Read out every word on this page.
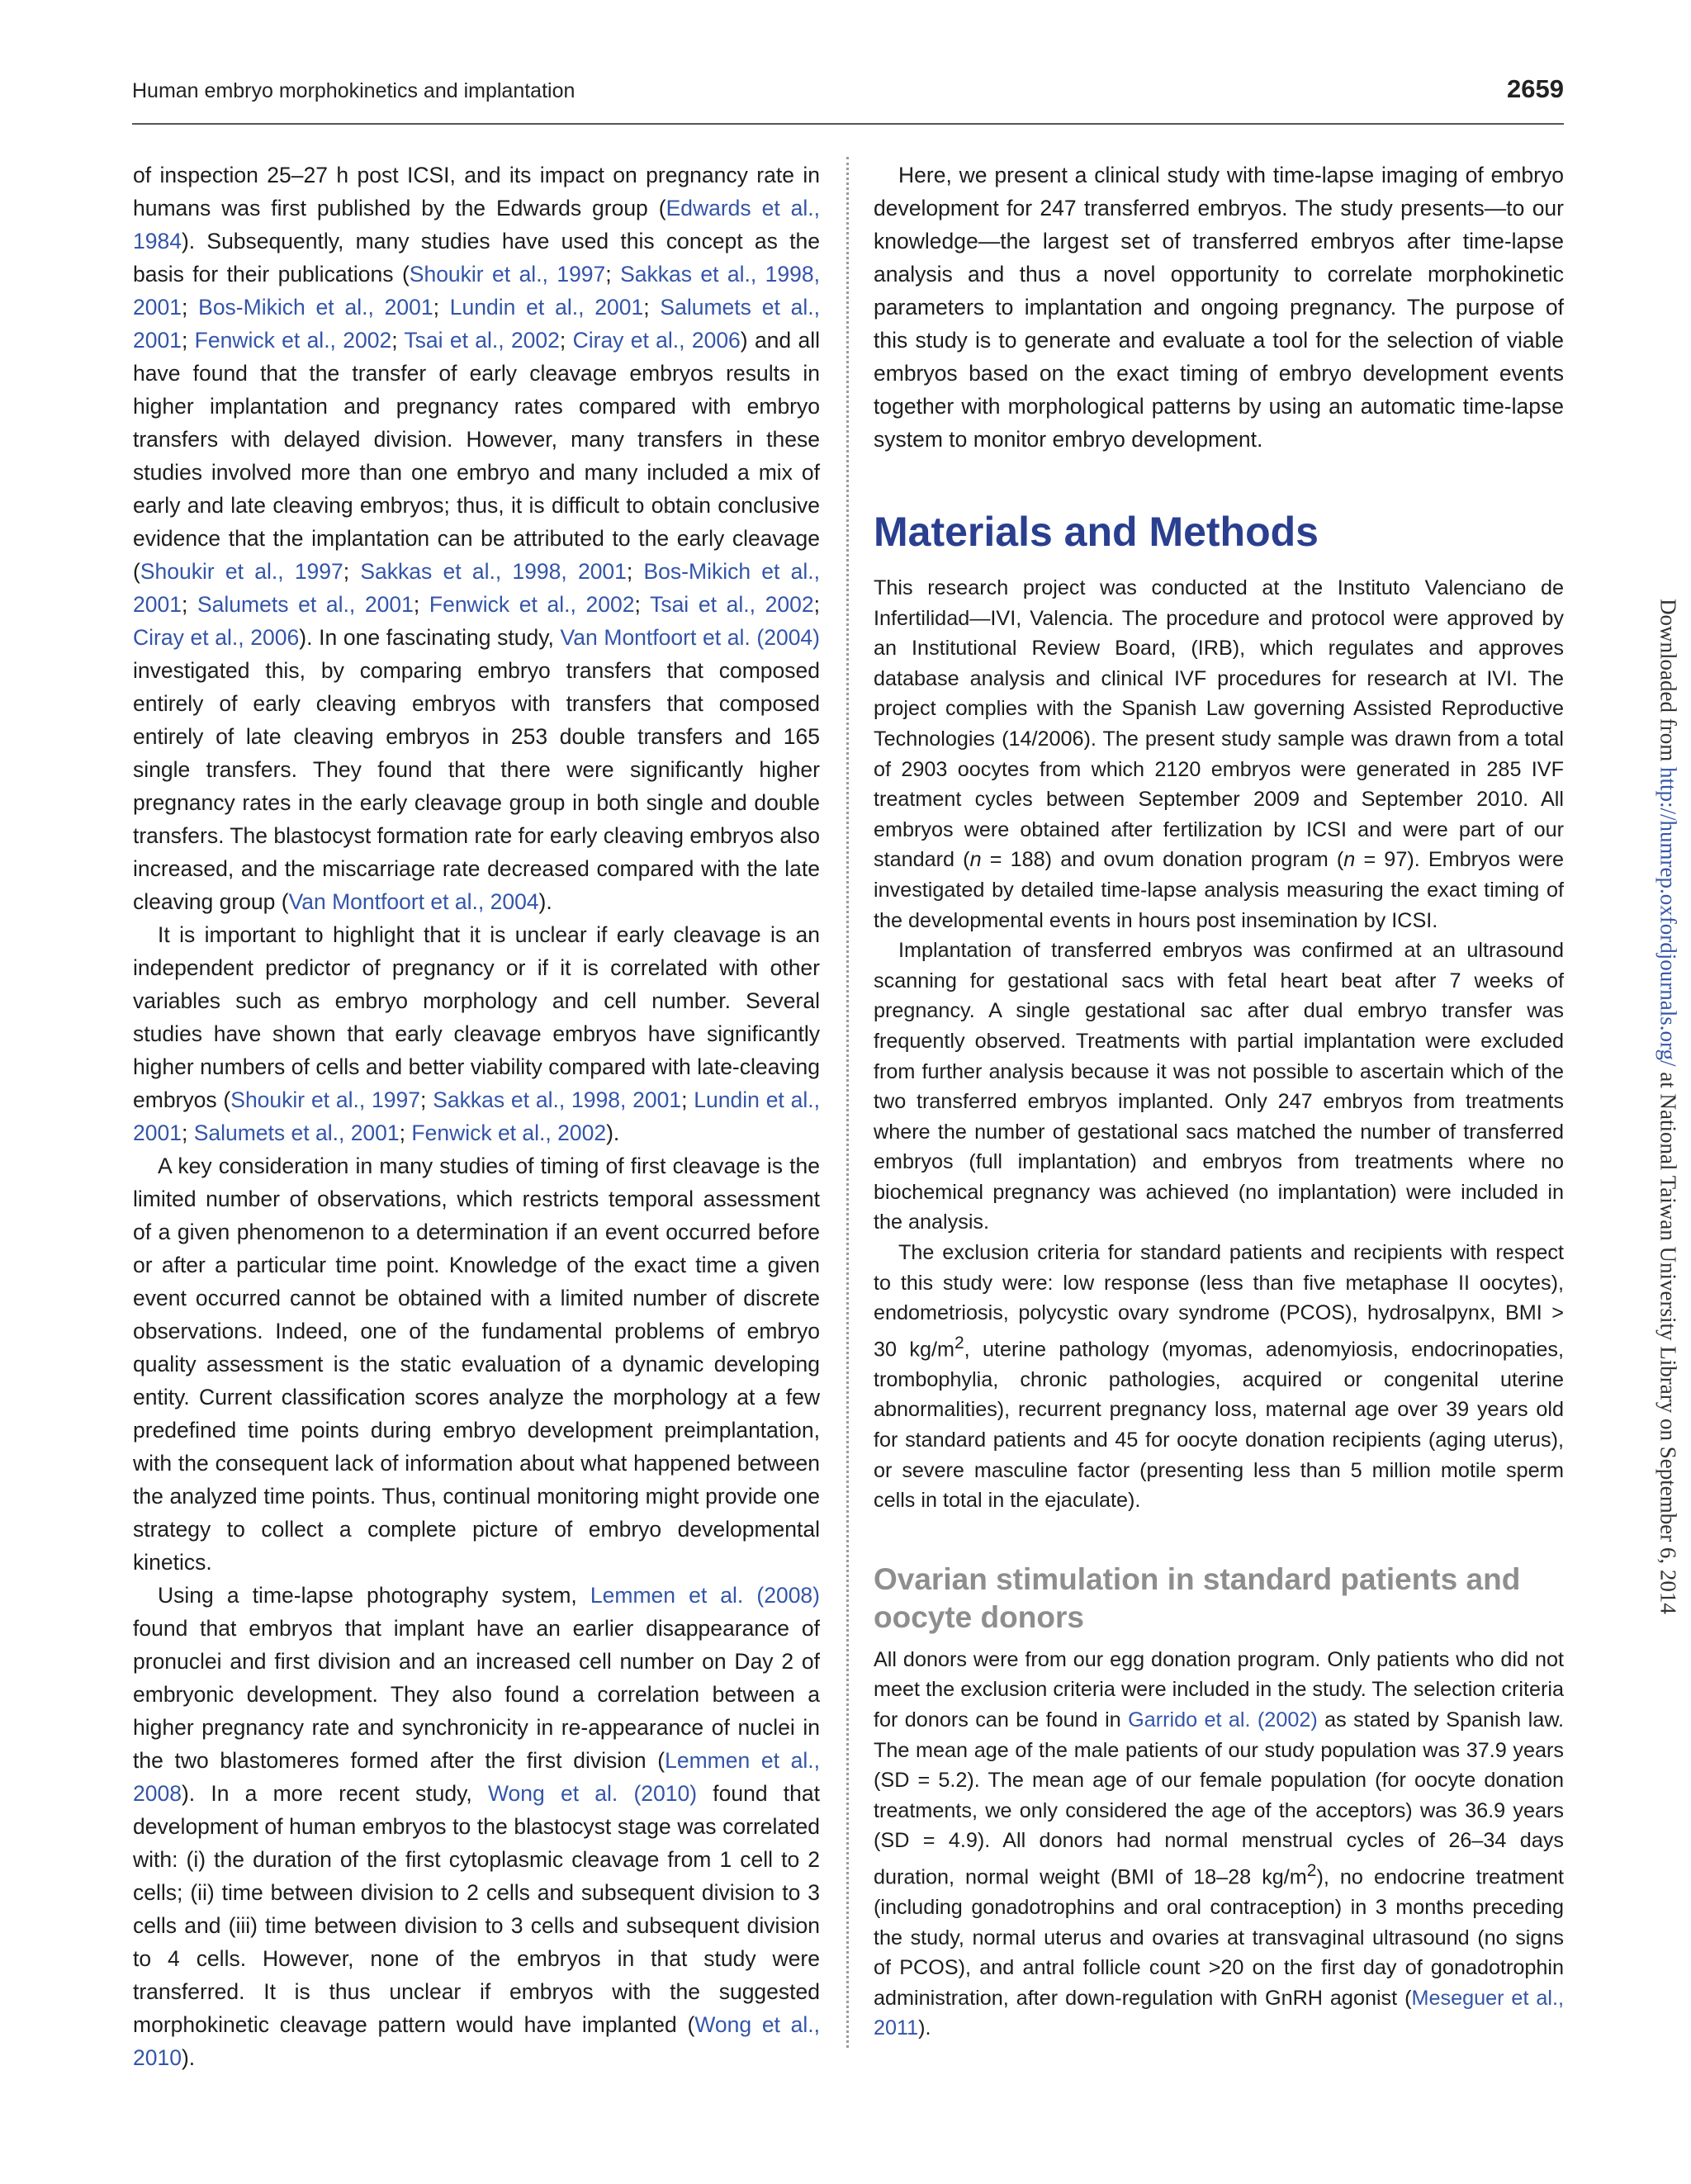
Human embryo morphokinetics and implantation	2659

of inspection 25–27 h post ICSI, and its impact on pregnancy rate in humans was first published by the Edwards group (Edwards et al., 1984). Subsequently, many studies have used this concept as the basis for their publications (Shoukir et al., 1997; Sakkas et al., 1998, 2001; Bos-Mikich et al., 2001; Lundin et al., 2001; Salumets et al., 2001; Fenwick et al., 2002; Tsai et al., 2002; Ciray et al., 2006) and all have found that the transfer of early cleavage embryos results in higher implantation and pregnancy rates compared with embryo transfers with delayed division. However, many transfers in these studies involved more than one embryo and many included a mix of early and late cleaving embryos; thus, it is difficult to obtain conclusive evidence that the implantation can be attributed to the early cleavage (Shoukir et al., 1997; Sakkas et al., 1998, 2001; Bos-Mikich et al., 2001; Salumets et al., 2001; Fenwick et al., 2002; Tsai et al., 2002; Ciray et al., 2006). In one fascinating study, Van Montfoort et al. (2004) investigated this, by comparing embryo transfers that composed entirely of early cleaving embryos with transfers that composed entirely of late cleaving embryos in 253 double transfers and 165 single transfers. They found that there were significantly higher pregnancy rates in the early cleavage group in both single and double transfers. The blastocyst formation rate for early cleaving embryos also increased, and the miscarriage rate decreased compared with the late cleaving group (Van Montfoort et al., 2004).

It is important to highlight that it is unclear if early cleavage is an independent predictor of pregnancy or if it is correlated with other variables such as embryo morphology and cell number. Several studies have shown that early cleavage embryos have significantly higher numbers of cells and better viability compared with late-cleaving embryos (Shoukir et al., 1997; Sakkas et al., 1998, 2001; Lundin et al., 2001; Salumets et al., 2001; Fenwick et al., 2002).

A key consideration in many studies of timing of first cleavage is the limited number of observations, which restricts temporal assessment of a given phenomenon to a determination if an event occurred before or after a particular time point. Knowledge of the exact time a given event occurred cannot be obtained with a limited number of discrete observations. Indeed, one of the fundamental problems of embryo quality assessment is the static evaluation of a dynamic developing entity. Current classification scores analyze the morphology at a few predefined time points during embryo development preimplantation, with the consequent lack of information about what happened between the analyzed time points. Thus, continual monitoring might provide one strategy to collect a complete picture of embryo developmental kinetics.

Using a time-lapse photography system, Lemmen et al. (2008) found that embryos that implant have an earlier disappearance of pronuclei and first division and an increased cell number on Day 2 of embryonic development. They also found a correlation between a higher pregnancy rate and synchronicity in re-appearance of nuclei in the two blastomeres formed after the first division (Lemmen et al., 2008). In a more recent study, Wong et al. (2010) found that development of human embryos to the blastocyst stage was correlated with: (i) the duration of the first cytoplasmic cleavage from 1 cell to 2 cells; (ii) time between division to 2 cells and subsequent division to 3 cells and (iii) time between division to 3 cells and subsequent division to 4 cells. However, none of the embryos in that study were transferred. It is thus unclear if embryos with the suggested morphokinetic cleavage pattern would have implanted (Wong et al., 2010).

Here, we present a clinical study with time-lapse imaging of embryo development for 247 transferred embryos. The study presents—to our knowledge—the largest set of transferred embryos after time-lapse analysis and thus a novel opportunity to correlate morphokinetic parameters to implantation and ongoing pregnancy. The purpose of this study is to generate and evaluate a tool for the selection of viable embryos based on the exact timing of embryo development events together with morphological patterns by using an automatic time-lapse system to monitor embryo development.

Materials and Methods

This research project was conducted at the Instituto Valenciano de Infertilidad—IVI, Valencia. The procedure and protocol were approved by an Institutional Review Board, (IRB), which regulates and approves database analysis and clinical IVF procedures for research at IVI. The project complies with the Spanish Law governing Assisted Reproductive Technologies (14/2006). The present study sample was drawn from a total of 2903 oocytes from which 2120 embryos were generated in 285 IVF treatment cycles between September 2009 and September 2010. All embryos were obtained after fertilization by ICSI and were part of our standard (n = 188) and ovum donation program (n = 97). Embryos were investigated by detailed time-lapse analysis measuring the exact timing of the developmental events in hours post insemination by ICSI.

Implantation of transferred embryos was confirmed at an ultrasound scanning for gestational sacs with fetal heart beat after 7 weeks of pregnancy. A single gestational sac after dual embryo transfer was frequently observed. Treatments with partial implantation were excluded from further analysis because it was not possible to ascertain which of the two transferred embryos implanted. Only 247 embryos from treatments where the number of gestational sacs matched the number of transferred embryos (full implantation) and embryos from treatments where no biochemical pregnancy was achieved (no implantation) were included in the analysis.

The exclusion criteria for standard patients and recipients with respect to this study were: low response (less than five metaphase II oocytes), endometriosis, polycystic ovary syndrome (PCOS), hydrosalpynx, BMI > 30 $kg/m^2$, uterine pathology (myomas, adenomyiosis, endocrinopaties, trombophylia, chronic pathologies, acquired or congenital uterine abnormalities), recurrent pregnancy loss, maternal age over 39 years old for standard patients and 45 for oocyte donation recipients (aging uterus), or severe masculine factor (presenting less than 5 million motile sperm cells in total in the ejaculate).

Ovarian stimulation in standard patients and oocyte donors

All donors were from our egg donation program. Only patients who did not meet the exclusion criteria were included in the study. The selection criteria for donors can be found in Garrido et al. (2002) as stated by Spanish law. The mean age of the male patients of our study population was 37.9 years (SD = 5.2). The mean age of our female population (for oocyte donation treatments, we only considered the age of the acceptors) was 36.9 years (SD = 4.9). All donors had normal menstrual cycles of 26–34 days duration, normal weight (BMI of 18–28 $kg/m^2$), no endocrine treatment (including gonadotrophins and oral contraception) in 3 months preceding the study, normal uterus and ovaries at transvaginal ultrasound (no signs of PCOS), and antral follicle count >20 on the first day of gonadotrophin administration, after down-regulation with GnRH agonist (Meseguer et al., 2011).

Downloaded from http://humrep.oxfordjournals.org/ at National Taiwan University Library on September 6, 2014
